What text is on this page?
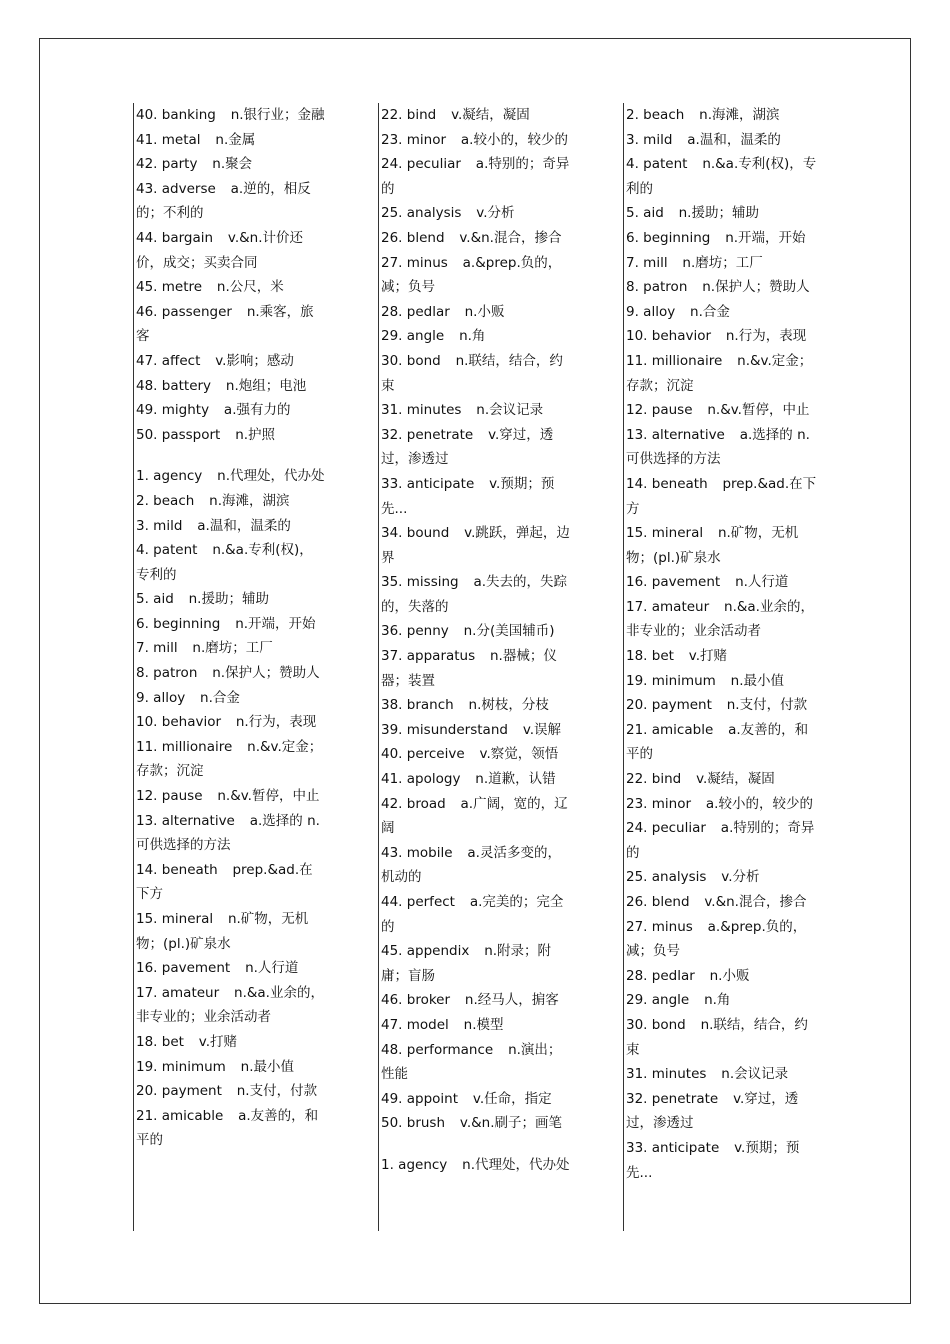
40. banking n.银行业；金融

41. metal n.金属

42. party n.聚会

43. adverse a.逆的，相反的；不利的

44. bargain v.&n.计价还价，成交；买卖合同

45. metre n.公尺，米

46. passenger n.乘客，旅客

47. affect v.影响；感动

48. battery n.炮组；电池

49. mighty a.强有力的

50. passport n.护照

1. agency n.代理处，代办处

2. beach n.海滩，湖滨

3. mild a.温和，温柔的

4. patent n.&a.专利(权)，专利的

5. aid n.援助；辅助

6. beginning n.开端，开始

7. mill n.磨坊；工厂

8. patron n.保护人；赞助人

9. alloy n.合金

10. behavior n.行为，表现

11. millionaire n.&v.定金；存款；沉淀

12. pause n.&v.暂停，中止

13. alternative a.选择的 n.可供选择的方法

14. beneath prep.&ad.在下方

15. mineral n.矿物，无机物；(pl.)矿泉水

16. pavement n.人行道

17. amateur n.&a.业余的，非专业的；业余活动者

18. bet v.打赌

19. minimum n.最小值

20. payment n.支付，付款

21. amicable a.友善的，和平的

22. bind v.凝结，凝固

23. minor a.较小的，较少的

24. peculiar a.特别的；奇异的

25. analysis v.分析

26. blend v.&n.混合，掺合

27. minus a.&prep.负的，减；负号

28. pedlar n.小贩

29. angle n.角

30. bond n.联结，结合，约束

31. minutes n.会议记录

32. penetrate v.穿过，透过，渗透过

33. anticipate v.预期；预先...

34. bound v.跳跃，弹起，边界

35. missing a.失去的，失踪的，失落的

36. penny n.分(美国辅币)

37. apparatus n.器械；仪器；装置

38. branch n.树枝，分枝

39. misunderstand v.误解

40. perceive v.察觉，领悟

41. apology n.道歉，认错

42. broad a.广阔，宽的，辽阔

43. mobile a.灵活多变的，机动的

44. perfect a.完美的；完全的

45. appendix n.附录；附庸；盲肠

46. broker n.经马人，掮客

47. model n.模型

48. performance n.演出；性能

49. appoint v.任命，指定

50. brush v.&n.刷子；画笔

1. agency n.代理处，代办处

2. beach n.海滩，湖滨

3. mild a.温和，温柔的

4. patent n.&a.专利(权)，专利的

5. aid n.援助；辅助

6. beginning n.开端，开始

7. mill n.磨坊；工厂

8. patron n.保护人；赞助人

9. alloy n.合金

10. behavior n.行为，表现

11. millionaire n.&v.定金；存款；沉淀

12. pause n.&v.暂停，中止

13. alternative a.选择的 n.可供选择的方法

14. beneath prep.&ad.在下方

15. mineral n.矿物，无机物；(pl.)矿泉水

16. pavement n.人行道

17. amateur n.&a.业余的，非专业的；业余活动者

18. bet v.打赌

19. minimum n.最小值

20. payment n.支付，付款

21. amicable a.友善的，和平的

22. bind v.凝结，凝固

23. minor a.较小的，较少的

24. peculiar a.特别的；奇异的

25. analysis v.分析

26. blend v.&n.混合，掺合

27. minus a.&prep.负的，减；负号

28. pedlar n.小贩

29. angle n.角

30. bond n.联结，结合，约束

31. minutes n.会议记录

32. penetrate v.穿过，透过，渗透过

33. anticipate v.预期；预先...
